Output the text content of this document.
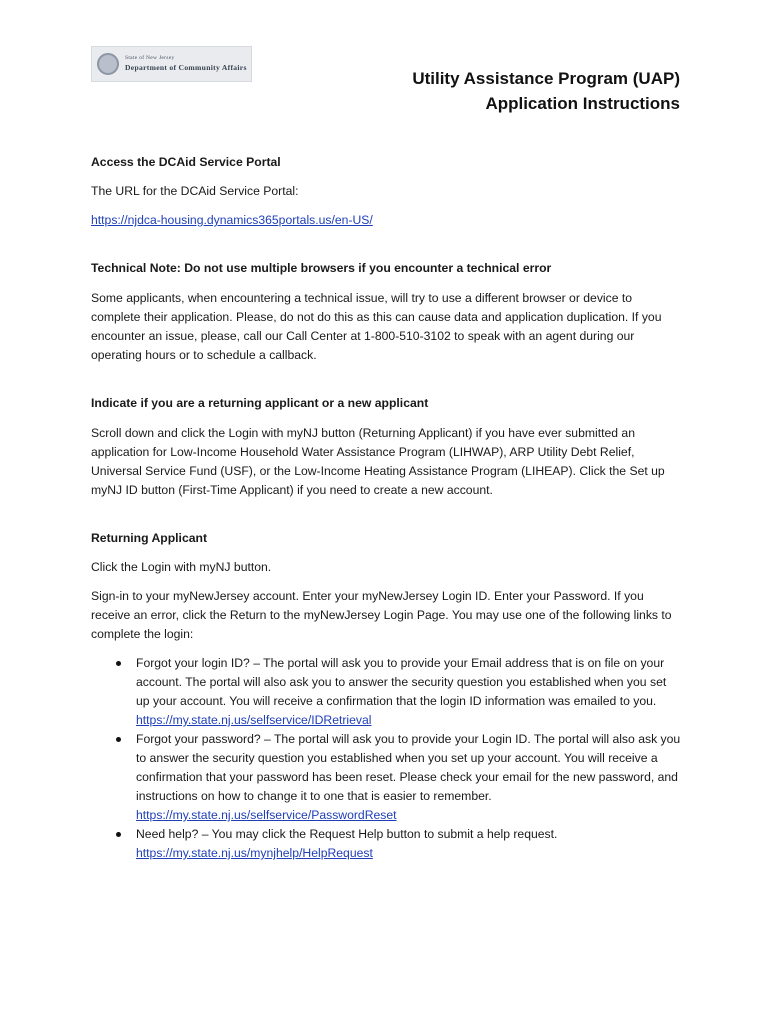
State of New Jersey
Department of Community Affairs
Utility Assistance Program (UAP)
Application Instructions

Access the DCAid Service Portal

The URL for the DCAid Service Portal:

https://njdca-housing.dynamics365portals.us/en-US/

Technical Note: Do not use multiple browsers if you encounter a technical error

Some applicants, when encountering a technical issue, will try to use a different browser or device to complete their application. Please, do not do this as this can cause data and application duplication. If you encounter an issue, please, call our Call Center at 1-800-510-3102 to speak with an agent during our operating hours or to schedule a callback.

Indicate if you are a returning applicant or a new applicant

Scroll down and click the Login with myNJ button (Returning Applicant) if you have ever submitted an application for Low-Income Household Water Assistance Program (LIHWAP), ARP Utility Debt Relief, Universal Service Fund (USF), or the Low-Income Heating Assistance Program (LIHEAP). Click the Set up myNJ ID button (First-Time Applicant) if you need to create a new account.

Returning Applicant

Click the Login with myNJ button.

Sign-in to your myNewJersey account. Enter your myNewJersey Login ID. Enter your Password. If you receive an error, click the Return to the myNewJersey Login Page. You may use one of the following links to complete the login:

Forgot your login ID? – The portal will ask you to provide your Email address that is on file on your account. The portal will also ask you to answer the security question you established when you set up your account. You will receive a confirmation that the login ID information was emailed to you. https://my.state.nj.us/selfservice/IDRetrieval
Forgot your password? – The portal will ask you to provide your Login ID. The portal will also ask you to answer the security question you established when you set up your account. You will receive a confirmation that your password has been reset. Please check your email for the new password, and instructions on how to change it to one that is easier to remember. https://my.state.nj.us/selfservice/PasswordReset
Need help? – You may click the Request Help button to submit a help request. https://my.state.nj.us/mynjhelp/HelpRequest
